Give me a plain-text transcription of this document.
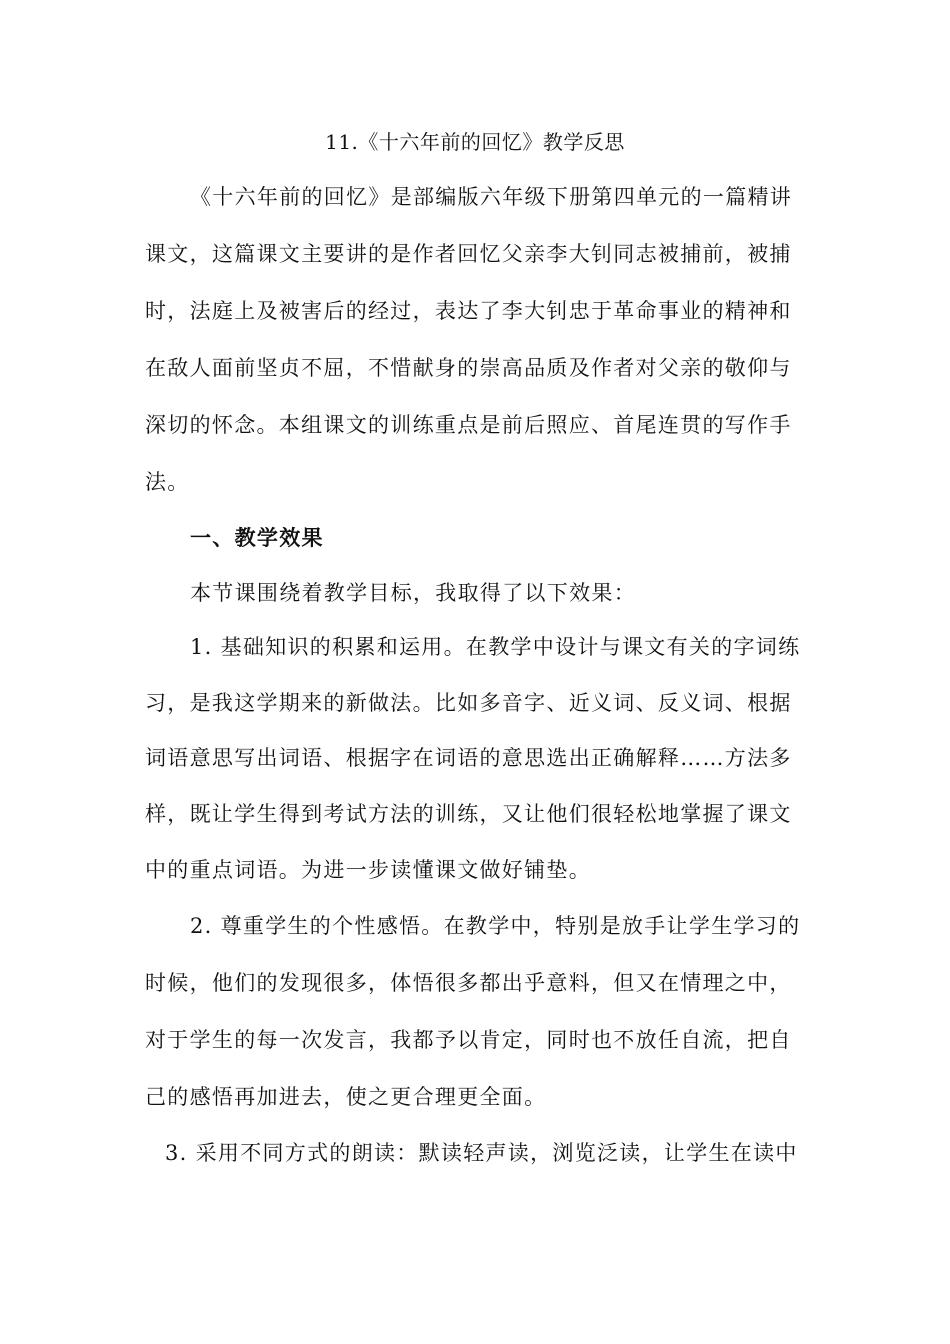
11.《十六年前的回忆》教学反思
《十六年前的回忆》是部编版六年级下册第四单元的一篇精讲
课文，这篇课文主要讲的是作者回忆父亲李大钊同志被捕前，被捕
时，法庭上及被害后的经过，表达了李大钊忠于革命事业的精神和
在敌人面前坚贞不屈，不惜献身的崇高品质及作者对父亲的敬仰与
深切的怀念。本组课文的训练重点是前后照应、首尾连贯的写作手
法。
一、教学效果
本节课围绕着教学目标，我取得了以下效果：
1. 基础知识的积累和运用。在教学中设计与课文有关的字词练
习，是我这学期来的新做法。比如多音字、近义词、反义词、根据
词语意思写出词语、根据字在词语的意思选出正确解释……方法多
样，既让学生得到考试方法的训练，又让他们很轻松地掌握了课文
中的重点词语。为进一步读懂课文做好铺垫。
2. 尊重学生的个性感悟。在教学中，特别是放手让学生学习的
时候，他们的发现很多，体悟很多都出乎意料，但又在情理之中，
对于学生的每一次发言，我都予以肯定，同时也不放任自流，把自
己的感悟再加进去，使之更合理更全面。
3. 采用不同方式的朗读：默读轻声读，浏览泛读，让学生在读中
